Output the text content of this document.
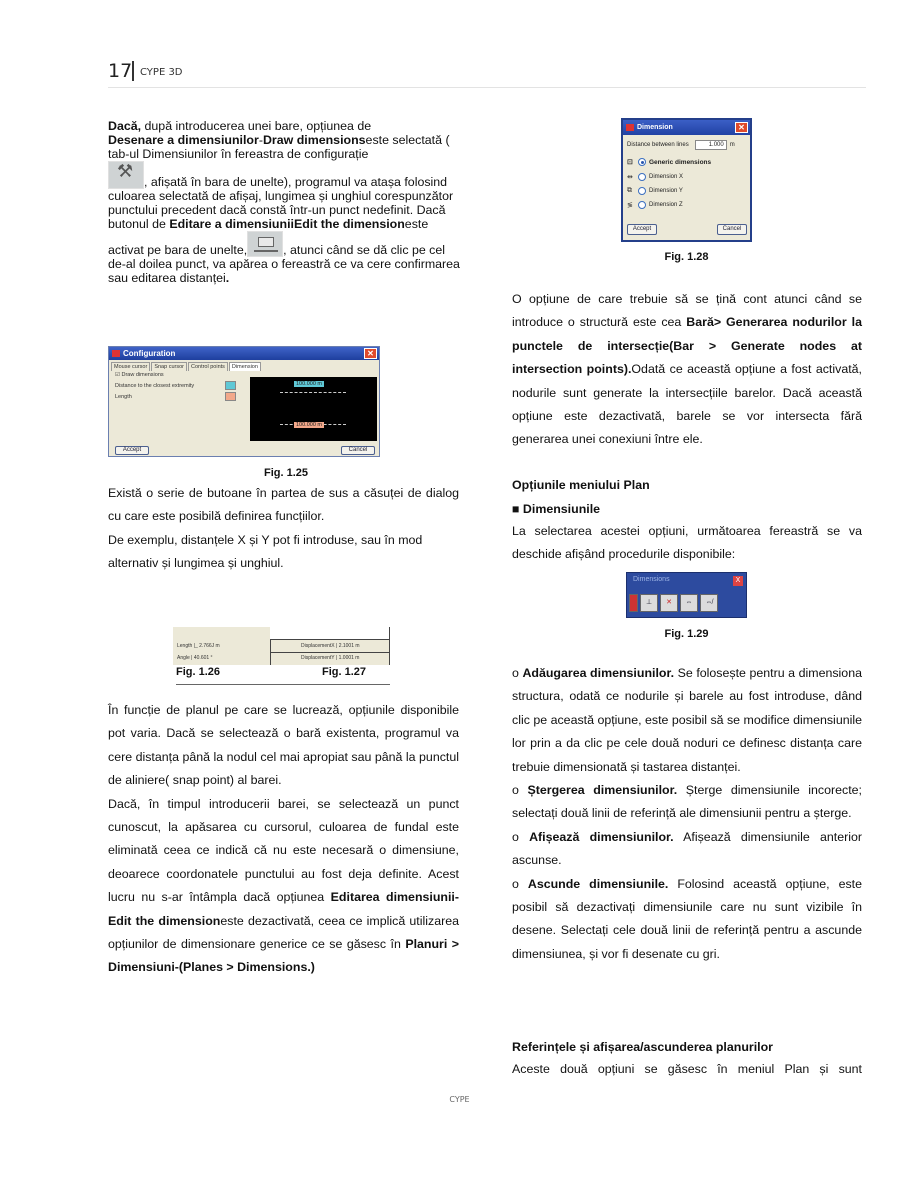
17 CYPE 3D

Dacă, după introducerea unei bare, opțiunea de
Desenare a dimensiunilor-Draw dimensionseste selectată ( tab-ul Dimensiunilor în fereastra de configurație
⚒, afișată în bara de unelte), programul va atașa folosind culoarea selectată de afișaj, lungimea și unghiul corespunzător punctului precedent dacă constă într-un punct nedefinit. Dacă butonul de Editare a dimensiuniiEdit the dimensioneste activat pe bara de unelte,	, atunci când se dă clic pe cel de-al doilea punct, va apărea o fereastră ce va cere confirmarea sau editarea distanței.

Configuration	✕
Mouse cursor	Snap cursor	Control points	Dimension
☑ Draw dimensions
Distance to the closest extremity
Length
100.000 m
100.000 m
Accept	Cancel
Fig. 1.25

Există o serie de butoane în partea de sus a căsuței de dialog cu care este posibilă definirea funcțiilor.

De exemplu, distanțele X și Y pot fi introduse, sau în mod alternativ și lungimea și unghiul.

Length |_ 2.766J m
Angle | 40.601 °
DisplacementX | 2.1001 m
DisplacementY | 1.0001 m
Fig. 1.26	Fig. 1.27

În funcție de planul pe care se lucrează, opțiunile disponibile pot varia. Dacă se selectează o bară existenta, programul va cere distanța până la nodul cel mai apropiat sau până la punctul de aliniere( snap point) al barei.

Dacă, în timpul introducerii barei, se selectează un punct cunoscut, la apăsarea cu cursorul, culoarea de fundal este eliminată ceea ce indică că nu este necesară o dimensiune, deoarece coordonatele punctului au fost deja definite. Acest lucru nu s-ar întâmpla dacă opțiunea Editarea dimensiunii-Edit the dimensioneste dezactivată, ceea ce implică utilizarea opțiunilor de dimensionare generice ce se găsesc în Planuri > Dimensiuni-(Planes > Dimensions.)

Dimension	✕
Distance between lines	1.000	m
⊡	Generic dimensions
⇹	Dimension X
⧉	Dimension Y
≶	Dimension Z
Accept	Cancel
Fig. 1.28

O opțiune de care trebuie să se țină cont atunci când se introduce o structură este cea Bară> Generarea nodurilor la punctele de intersecție(Bar > Generate nodes at intersection points).Odată ce această opțiune a fost activată, nodurile sunt generate la intersecțiile barelor. Dacă această opțiune este dezactivată, barele se vor intersecta fără generarea unei conexiuni între ele.

Opțiunile meniului Plan
■ Dimensiunile

La selectarea acestei opțiuni, următoarea fereastră se va deschide afișând procedurile disponibile:

Dimensions	X
⊥	✕	⇔	⇎
Fig. 1.29

o Adăugarea dimensiunilor. Se folosește pentru a dimensiona structura, odată ce nodurile și barele au fost introduse, dând clic pe această opțiune, este posibil să se modifice dimensiunile lor prin a da clic pe cele două noduri ce definesc distanța care trebuie dimensionată și tastarea distanței.

o Ștergerea dimensiunilor. Șterge dimensiunile incorecte; selectați două linii de referință ale dimensiunii pentru a șterge.

o Afișează dimensiunilor. Afișează dimensiunile anterior ascunse.

o Ascunde dimensiunile. Folosind această opțiune, este posibil să dezactivați dimensiunile care nu sunt vizibile în desene. Selectați cele două linii de referință pentru a ascunde dimensiunea, și vor fi desenate cu gri.

Referințele și afișarea/ascunderea planurilor

Aceste două opțiuni se găsesc în meniul Plan și sunt

CYPE
